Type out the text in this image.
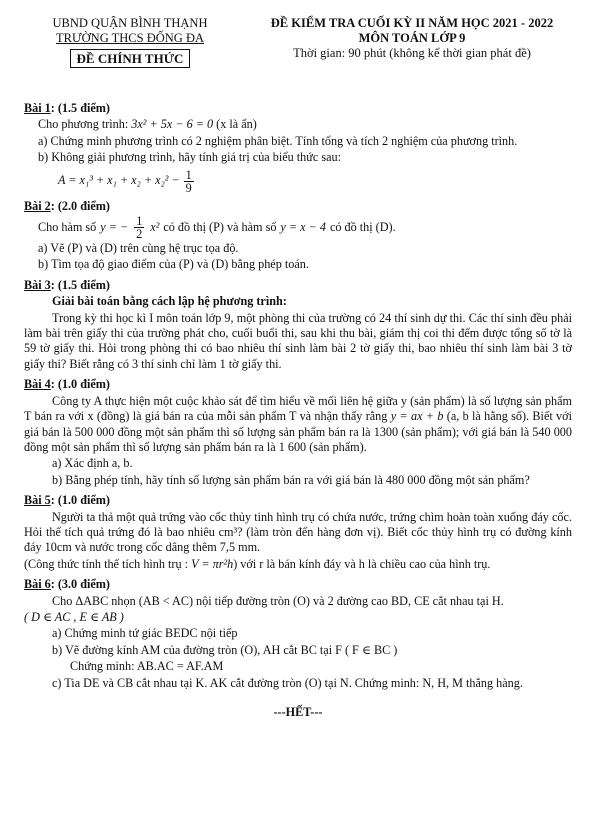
UBND QUẬN BÌNH THẠNH
TRƯỜNG THCS ĐỐNG ĐA
ĐỀ CHÍNH THỨC
ĐỀ KIỂM TRA CUỐI KỲ II NĂM HỌC 2021 - 2022
MÔN TOÁN LỚP 9
Thời gian: 90 phút (không kể thời gian phát đề)
Bài 1: (1.5 điểm)
Cho phương trình: 3x² + 5x − 6 = 0 (x là ẩn)
a) Chứng minh phương trình có 2 nghiệm phân biệt. Tính tổng và tích 2 nghiệm của phương trình.
b) Không giải phương trình, hãy tính giá trị của biểu thức sau:
$A = x_1^3 + x_1 + x_2 + x_2^2 - \frac{1}{9}$
Bài 2: (2.0 điểm)
Cho hàm số y = − $\frac{1}{2} x^2$ có đồ thị (P) và hàm số y = x − 4 có đồ thị (D).
a) Vẽ (P) và (D) trên cùng hệ trục tọa độ.
b) Tìm tọa độ giao điểm của (P) và (D) bằng phép toán.
Bài 3: (1.5 điểm)
Giải bài toán bằng cách lập hệ phương trình:
Trong kỳ thi học kì I môn toán lớp 9, một phòng thi của trường có 24 thí sinh dự thi. Các thí sinh đều phải làm bài trên giấy thi của trường phát cho, cuối buổi thi, sau khi thu bài, giám thị coi thi đếm được tổng số tờ là 59 tờ giấy thi. Hỏi trong phòng thi có bao nhiêu thí sinh làm bài 2 tờ giấy thi, bao nhiêu thí sinh làm bài 3 tờ giấy thi? Biết rằng có 3 thí sinh chỉ làm 1 tờ giấy thi.
Bài 4: (1.0 điểm)
Công ty A thực hiện một cuộc khảo sát để tìm hiểu về mối liên hệ giữa y (sản phẩm) là số lượng sản phẩm T bán ra với x (đồng) là giá bán ra của mỗi sản phẩm T và nhận thấy rằng y = ax + b (a, b là hằng số). Biết với giá bán là 500 000 đồng một sản phẩm thì số lượng sản phẩm bán ra là 1300 (sản phẩm); với giá bán là 540 000 đồng một sản phẩm thì số lượng sản phẩm bán ra là 1 600 (sản phẩm).
a) Xác định a, b.
b) Bằng phép tính, hãy tính số lượng sản phẩm bán ra với giá bán là 480 000 đồng một sản phẩm?
Bài 5: (1.0 điểm)
Người ta thả một quả trứng vào cốc thủy tinh hình trụ có chứa nước, trứng chìm hoàn toàn xuống đáy cốc. Hỏi thể tích quả trứng đó là bao nhiêu cm³? (làm tròn đến hàng đơn vị). Biết cốc thủy hình trụ có đường kính đáy 10cm và nước trong cốc dâng thêm 7,5 mm.
(Công thức tính thể tích hình trụ : V = πr²h) với r là bán kính đáy và h là chiều cao của hình trụ.
Bài 6: (3.0 điểm)
Cho ΔABC nhọn (AB < AC) nội tiếp đường tròn (O) và 2 đường cao BD, CE cắt nhau tại H.
( D ∈ AC , E ∈ AB )
a) Chứng minh tứ giác BEDC nội tiếp
b) Vẽ đường kính AM của đường tròn (O), AH cắt BC tại F ( F ∈ BC )
Chứng minh: AB.AC = AF.AM
c) Tia DE và CB cắt nhau tại K. AK cắt đường tròn (O) tại N. Chứng minh: N, H, M thẳng hàng.
---HẾT---
